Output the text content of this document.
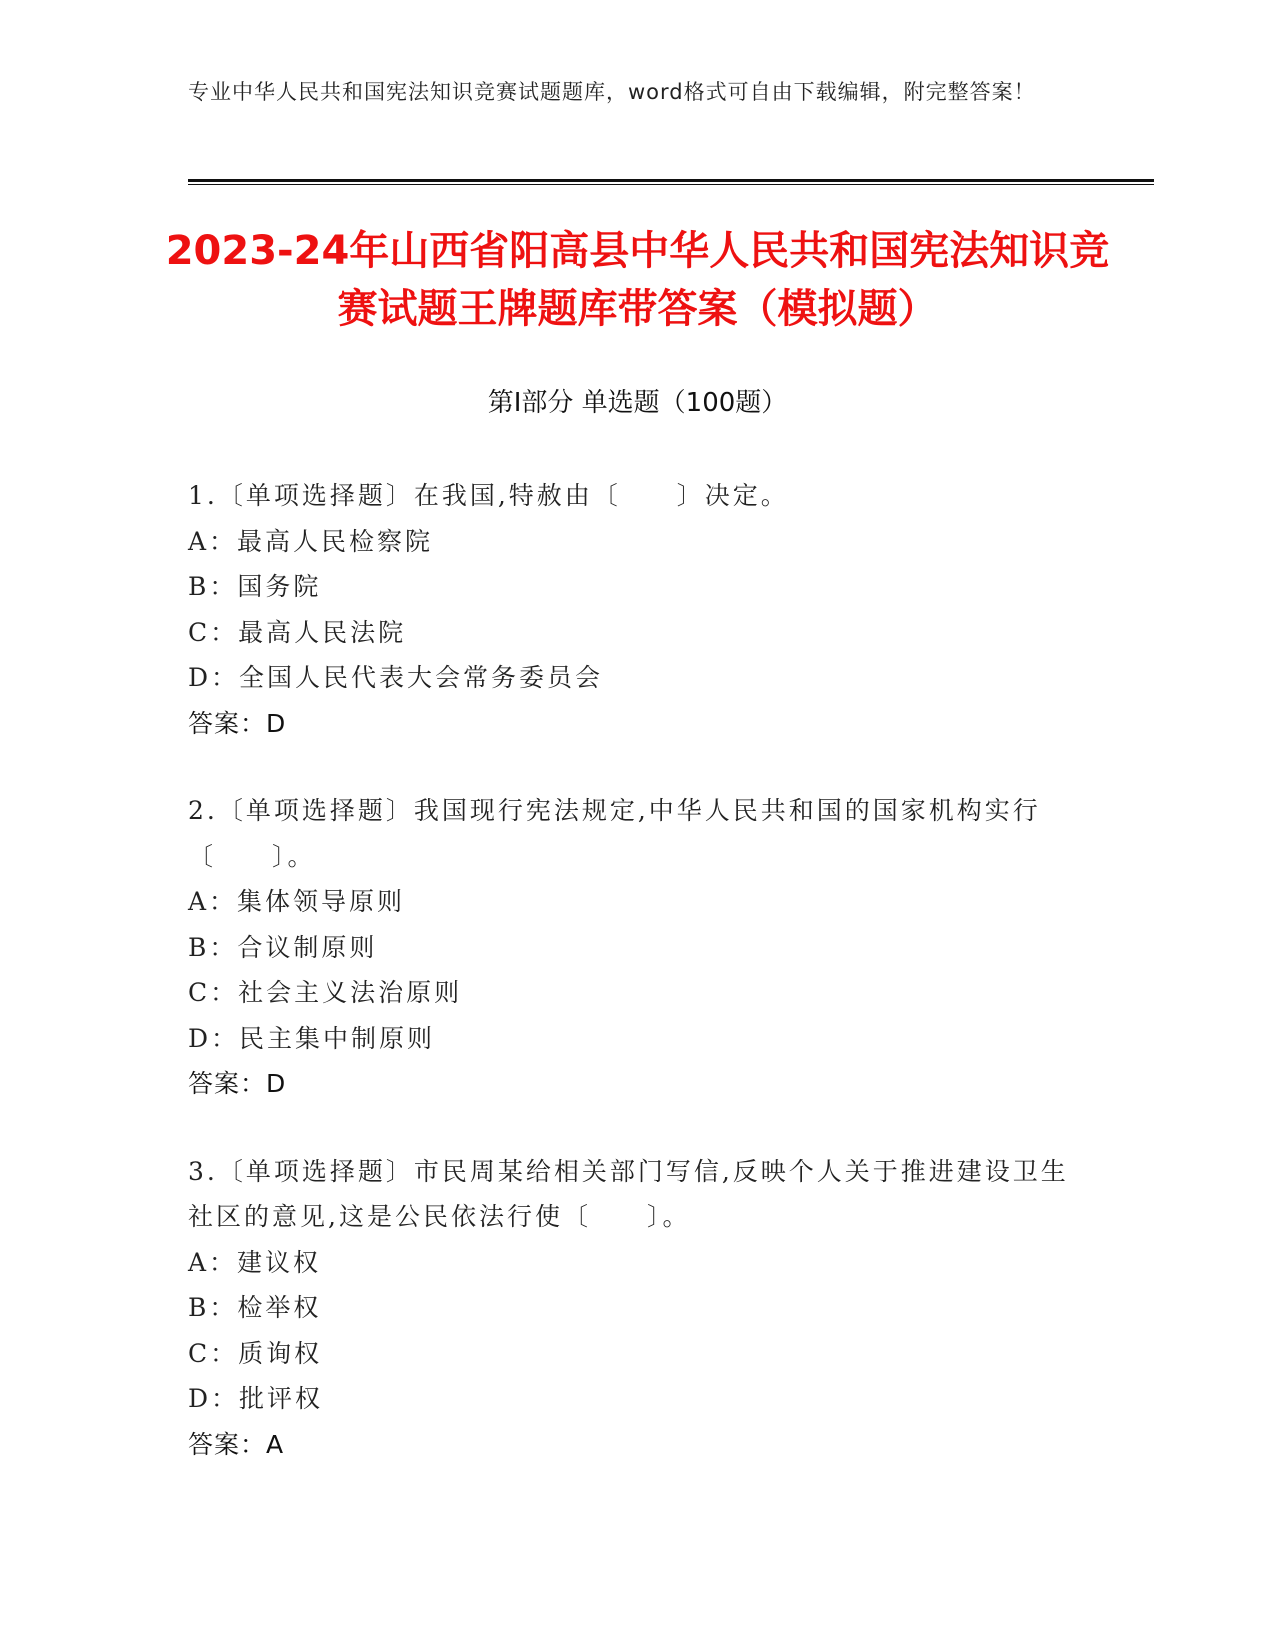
专业中华人民共和国宪法知识竞赛试题题库，word格式可自由下载编辑，附完整答案！
2023-24年山西省阳高县中华人民共和国宪法知识竞赛试题王牌题库带答案（模拟题）
第Ⅰ部分 单选题（100题）
1.〔单项选择题〕在我国,特赦由〔　　〕决定。
A：最高人民检察院
B：国务院
C：最高人民法院
D：全国人民代表大会常务委员会
答案：D
2.〔单项选择题〕我国现行宪法规定,中华人民共和国的国家机构实行〔　　〕。
A：集体领导原则
B：合议制原则
C：社会主义法治原则
D：民主集中制原则
答案：D
3.〔单项选择题〕市民周某给相关部门写信,反映个人关于推进建设卫生社区的意见,这是公民依法行使〔　　〕。
A：建议权
B：检举权
C：质询权
D：批评权
答案：A
